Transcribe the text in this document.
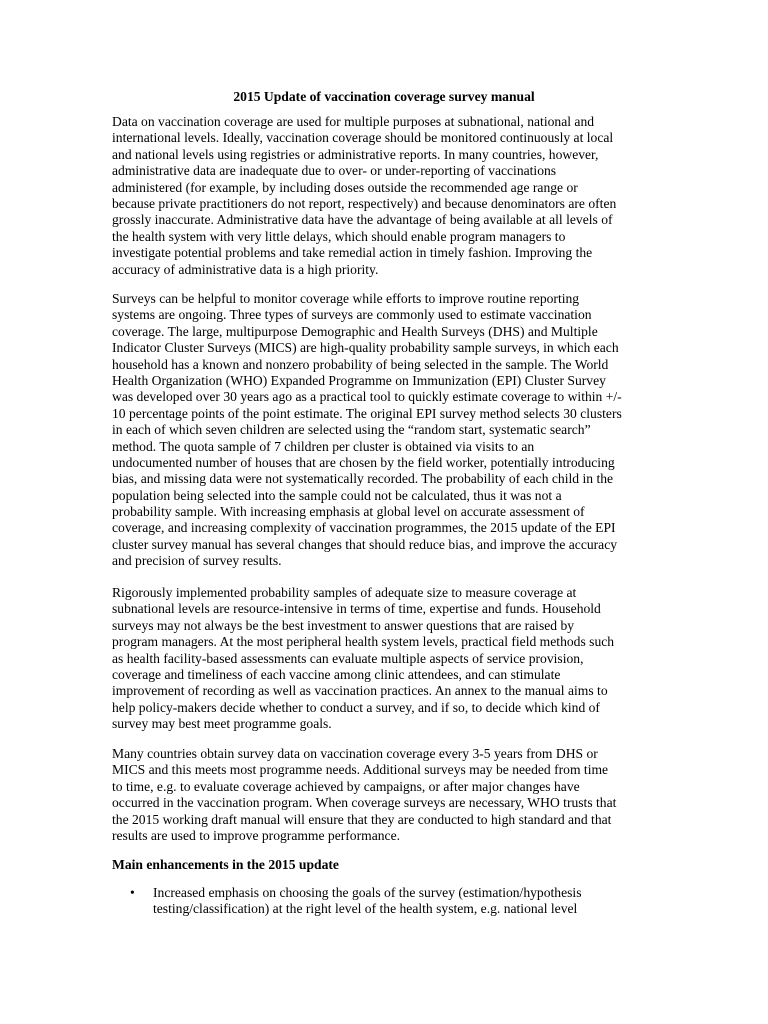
2015 Update of vaccination coverage survey manual
Data on vaccination coverage are used for multiple purposes at subnational, national and
international levels. Ideally, vaccination coverage should be monitored continuously at local
and national levels using registries or administrative reports. In many countries, however,
administrative data are inadequate due to over- or under-reporting of vaccinations
administered (for example, by including doses outside the recommended age range or
because private practitioners do not report, respectively) and because denominators are often
grossly inaccurate. Administrative data have the advantage of being available at all levels of
the health system with very little delays, which should enable program managers to
investigate potential problems and take remedial action in timely fashion. Improving the
accuracy of administrative data is a high priority.
Surveys can be helpful to monitor coverage while efforts to improve routine reporting
systems are ongoing. Three types of surveys are commonly used to estimate vaccination
coverage. The large, multipurpose Demographic and Health Surveys (DHS) and Multiple
Indicator Cluster Surveys (MICS) are high-quality probability sample surveys, in which each
household has a known and nonzero probability of being selected in the sample. The World
Health Organization (WHO) Expanded Programme on Immunization (EPI) Cluster Survey
was developed over 30 years ago as a practical tool to quickly estimate coverage to within +/-
10 percentage points of the point estimate. The original EPI survey method selects 30 clusters
in each of which seven children are selected using the “random start, systematic search”
method. The quota sample of 7 children per cluster is obtained via visits to an
undocumented number of houses that are chosen by the field worker, potentially introducing
bias, and missing data were not systematically recorded. The probability of each child in the
population being selected into the sample could not be calculated, thus it was not a
probability sample. With increasing emphasis at global level on accurate assessment of
coverage, and increasing complexity of vaccination programmes, the 2015 update of the EPI
cluster survey manual has several changes that should reduce bias, and improve the accuracy
and precision of survey results.
Rigorously implemented probability samples of adequate size to measure coverage at
subnational levels are resource-intensive in terms of time, expertise and funds. Household
surveys may not always be the best investment to answer questions that are raised by
program managers. At the most peripheral health system levels, practical field methods such
as health facility-based assessments can evaluate multiple aspects of service provision,
coverage and timeliness of each vaccine among clinic attendees, and can stimulate
improvement of recording as well as vaccination practices. An annex to the manual aims to
help policy-makers decide whether to conduct a survey, and if so, to decide which kind of
survey may best meet programme goals.
Many countries obtain survey data on vaccination coverage every 3-5 years from DHS or
MICS and this meets most programme needs. Additional surveys may be needed from time
to time, e.g. to evaluate coverage achieved by campaigns, or after major changes have
occurred in the vaccination program. When coverage surveys are necessary, WHO trusts that
the 2015 working draft manual will ensure that they are conducted to high standard and that
results are used to improve programme performance.
Main enhancements in the 2015 update
• Increased emphasis on choosing the goals of the survey (estimation/hypothesis
testing/classification) at the right level of the health system, e.g. national level
